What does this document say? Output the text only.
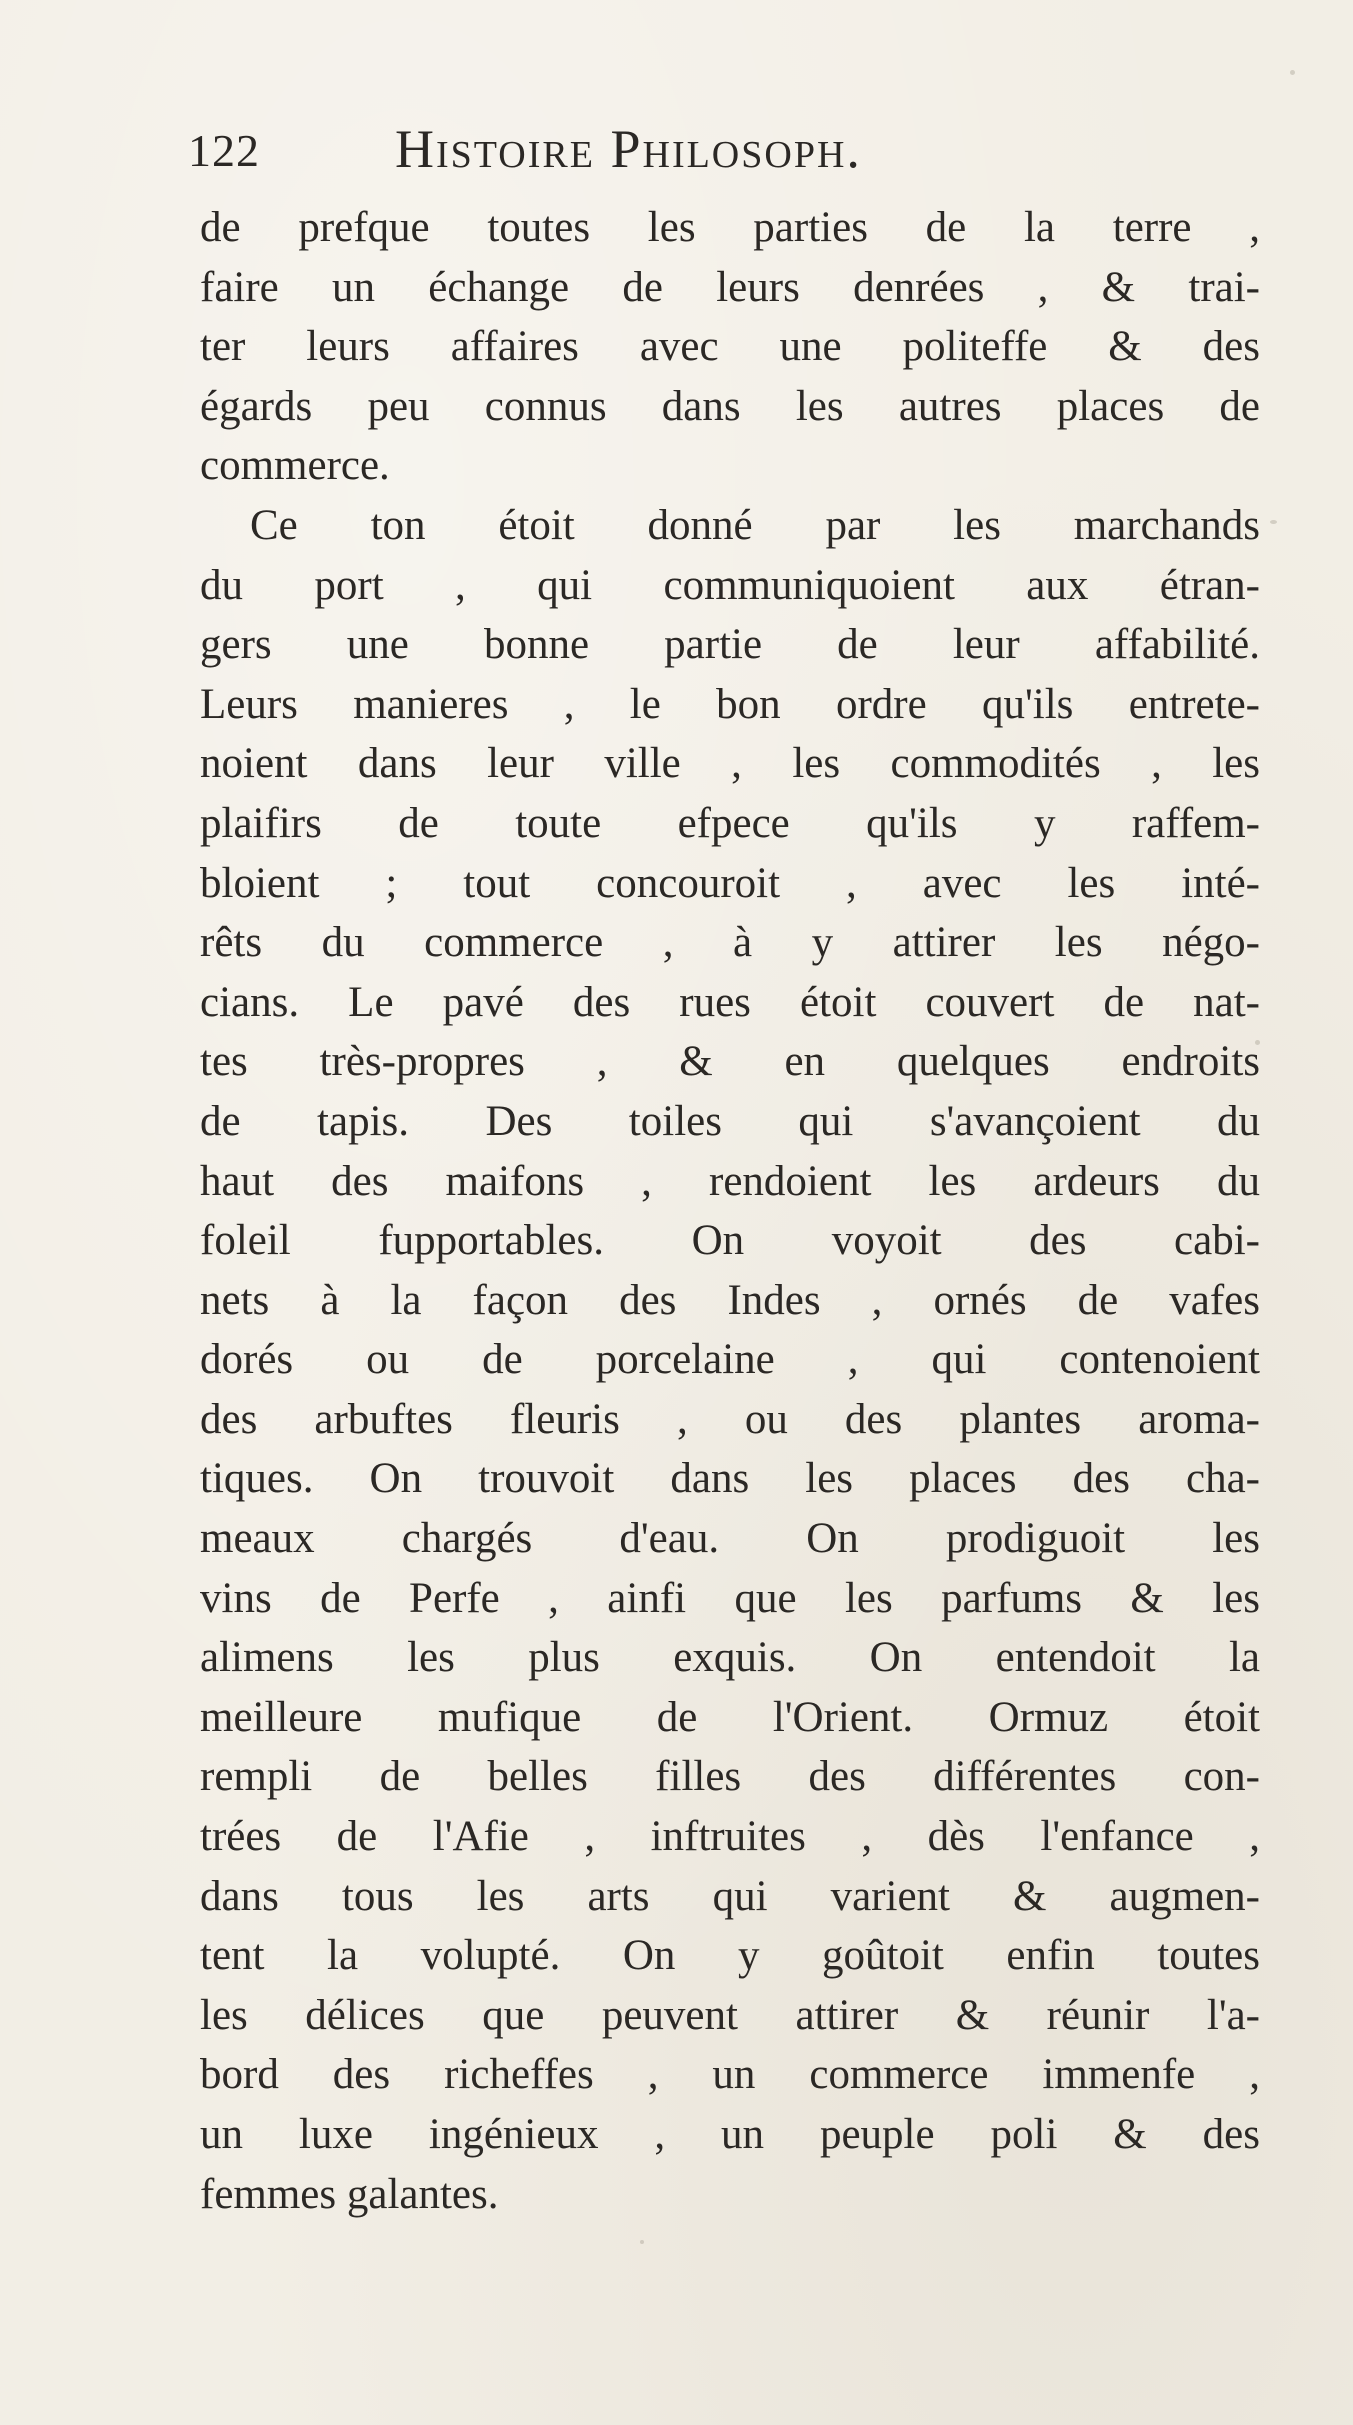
122	Histoire Philosoph.
de prefque toutes les parties de la terre ,
faire un échange de leurs denrées , & trai-
ter leurs affaires avec une politeffe & des
égards peu connus dans les autres places de
commerce.
Ce ton étoit donné par les marchands
du port , qui communiquoient aux étran-
gers une bonne partie de leur affabilité.
Leurs manieres , le bon ordre qu'ils entrete-
noient dans leur ville , les commodités , les
plaifirs de toute efpece qu'ils y raffem-
bloient ; tout concouroit , avec les inté-
rêts du commerce , à y attirer les négo-
cians. Le pavé des rues étoit couvert de nat-
tes très-propres , & en quelques endroits
de tapis. Des toiles qui s'avançoient du
haut des maifons , rendoient les ardeurs du
foleil fupportables. On voyoit des cabi-
nets à la façon des Indes , ornés de vafes
dorés ou de porcelaine , qui contenoient
des arbuftes fleuris , ou des plantes aroma-
tiques. On trouvoit dans les places des cha-
meaux chargés d'eau. On prodiguoit les
vins de Perfe , ainfi que les parfums & les
alimens les plus exquis. On entendoit la
meilleure mufique de l'Orient. Ormuz étoit
rempli de belles filles des différentes con-
trées de l'Afie , inftruites , dès l'enfance ,
dans tous les arts qui varient & augmen-
tent la volupté. On y goûtoit enfin toutes
les délices que peuvent attirer & réunir l'a-
bord des richeffes , un commerce immenfe ,
un luxe ingénieux , un peuple poli & des
femmes galantes.
